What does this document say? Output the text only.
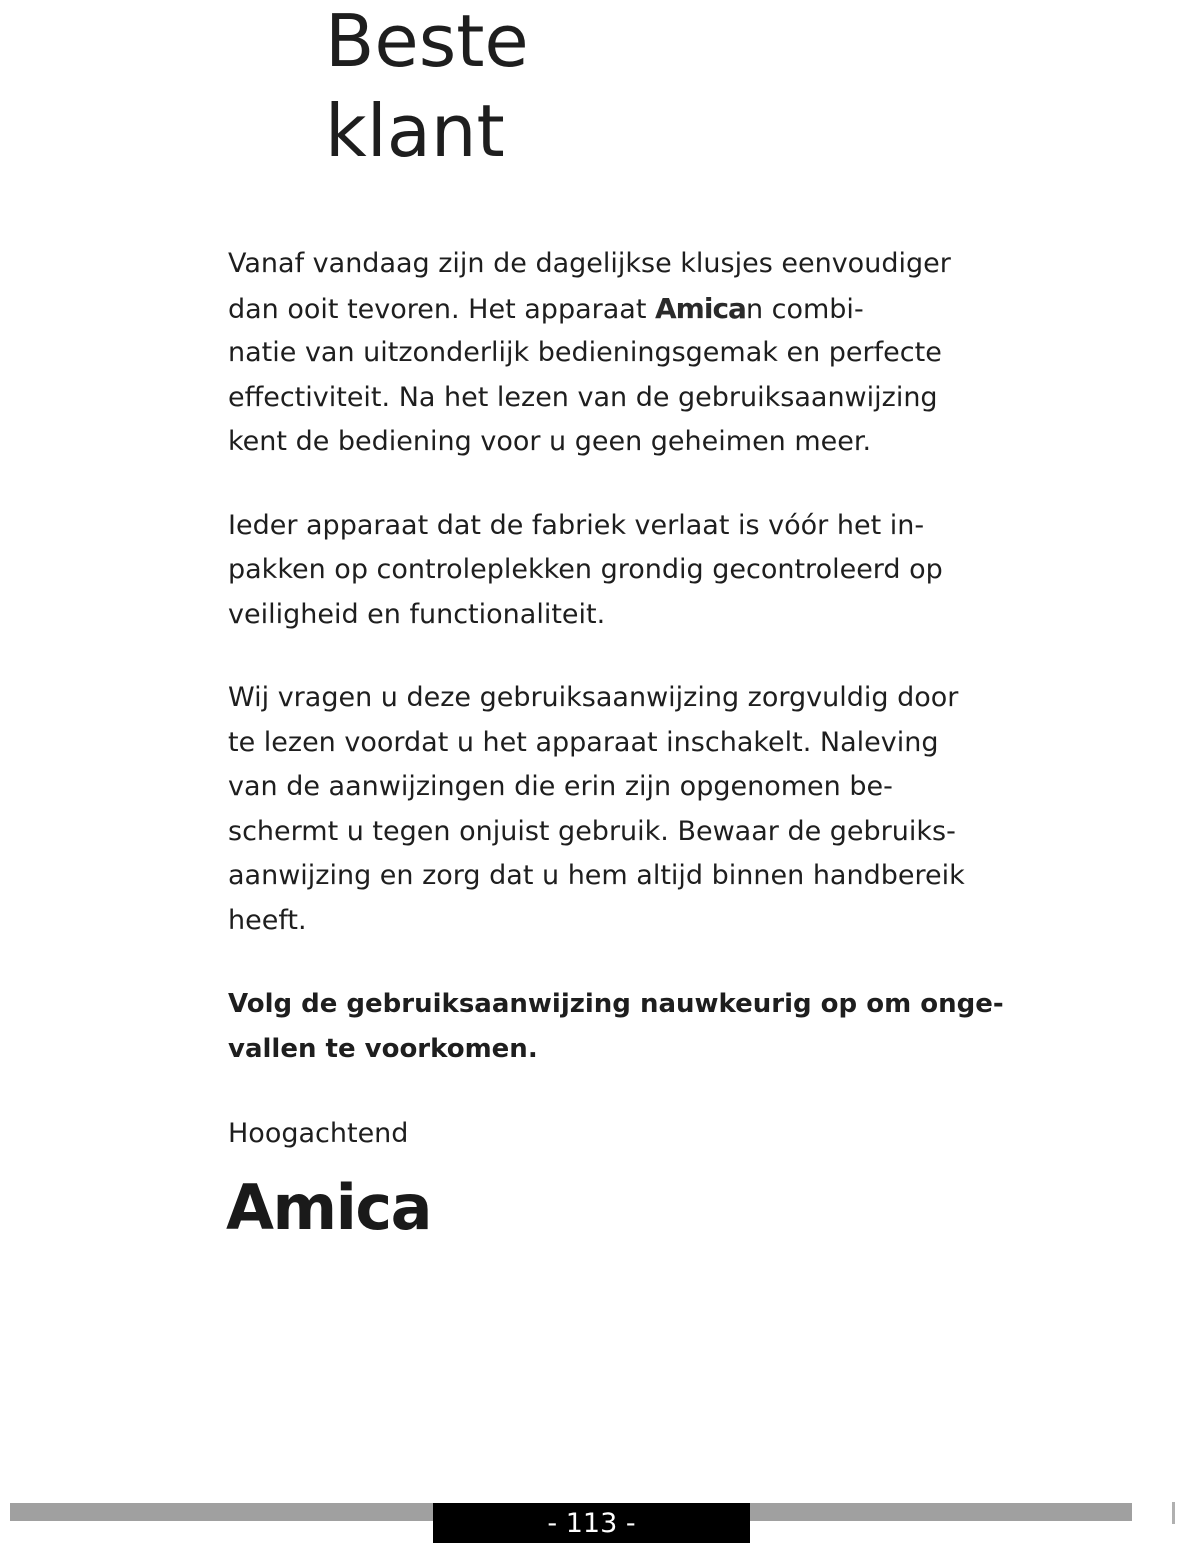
Beste
klant

Vanaf vandaag zijn de dagelijkse klusjes eenvoudiger
dan ooit tevoren. Het apparaat Amican combi-
natie van uitzonderlijk bedieningsgemak en perfecte
effectiviteit. Na het lezen van de gebruiksaanwijzing
kent de bediening voor u geen geheimen meer.

Ieder apparaat dat de fabriek verlaat is vóór het in-
pakken op controleplekken grondig gecontroleerd op
veiligheid en functionaliteit.

Wij vragen u deze gebruiksaanwijzing zorgvuldig door
te lezen voordat u het apparaat inschakelt. Naleving
van de aanwijzingen die erin zijn opgenomen be-
schermt u tegen onjuist gebruik. Bewaar de gebruiks-
aanwijzing en zorg dat u hem altijd binnen handbereik
heeft.

Volg de gebruiksaanwijzing nauwkeurig op om onge-
vallen te voorkomen.

Hoogachtend
Amica
- 113 -
